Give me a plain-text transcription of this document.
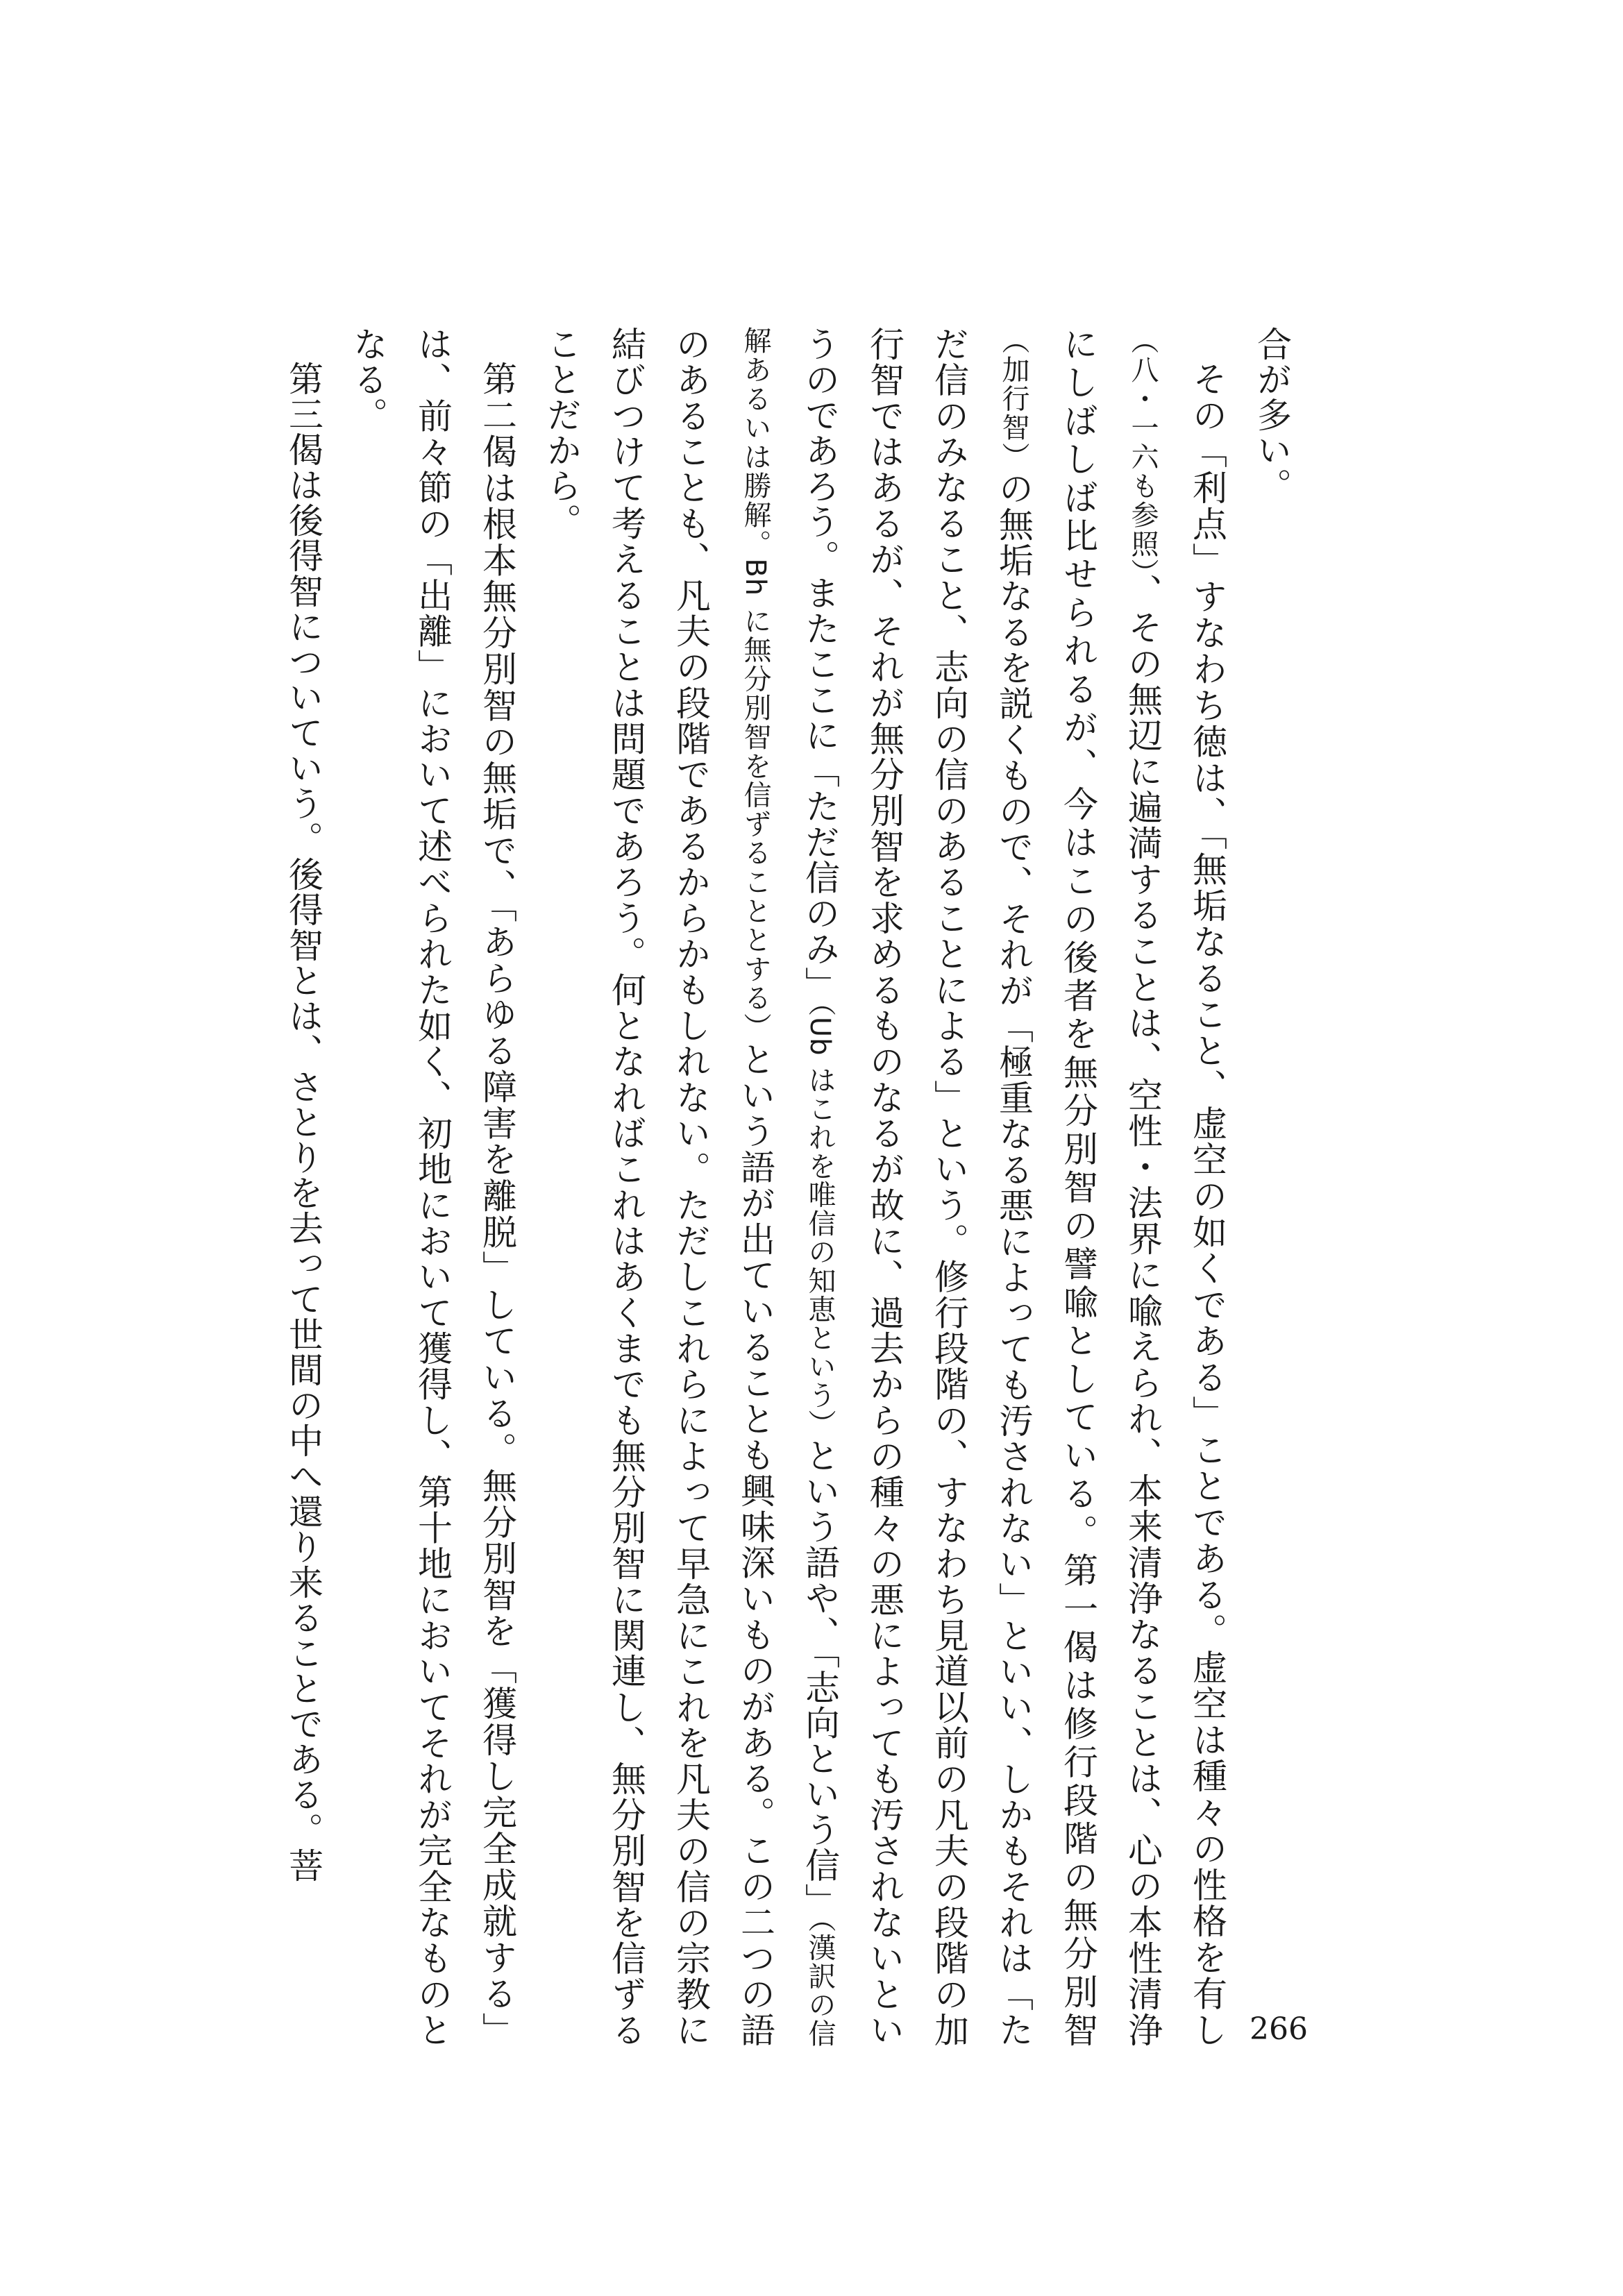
合が多い。

その「利点」すなわち徳は、「無垢なること、虚空の如くである」ことである。虚空は種々の性格を有し（八・一六も参照）、その無辺に遍満することは、空性・法界に喩えられ、本来清浄なることは、心の本性清浄にしばしば比せられるが、今はこの後者を無分別智の譬喩としている。第一偈は修行段階の無分別智（加行智）の無垢なるを説くもので、それが「極重なる悪によっても汚されない」といい、しかもそれは「ただ信のみなること、志向の信のあることによる」という。修行段階の、すなわち見道以前の凡夫の段階の加行智ではあるが、それが無分別智を求めるものなるが故に、過去からの種々の悪によっても汚されないというのであろう。またここに「ただ信のみ」（Ub はこれを唯信の知恵という）という語や、「志向という信」（漢訳の信解あるいは勝解。Bh に無分別智を信ずることとする）という語が出ていることも興味深いものがある。この二つの語のあることも、凡夫の段階であるからかもしれない。ただしこれらによって早急にこれを凡夫の信の宗教に結びつけて考えることは問題であろう。何となればこれはあくまでも無分別智に関連し、無分別智を信ずることだから。

第二偈は根本無分別智の無垢で、「あらゆる障害を離脱」している。無分別智を「獲得し完全成就する」は、前々節の「出離」において述べられた如く、初地において獲得し、第十地においてそれが完全なものとなる。

第三偈は後得智についていう。後得智とは、さとりを去って世間の中へ還り来ることである。菩

266
